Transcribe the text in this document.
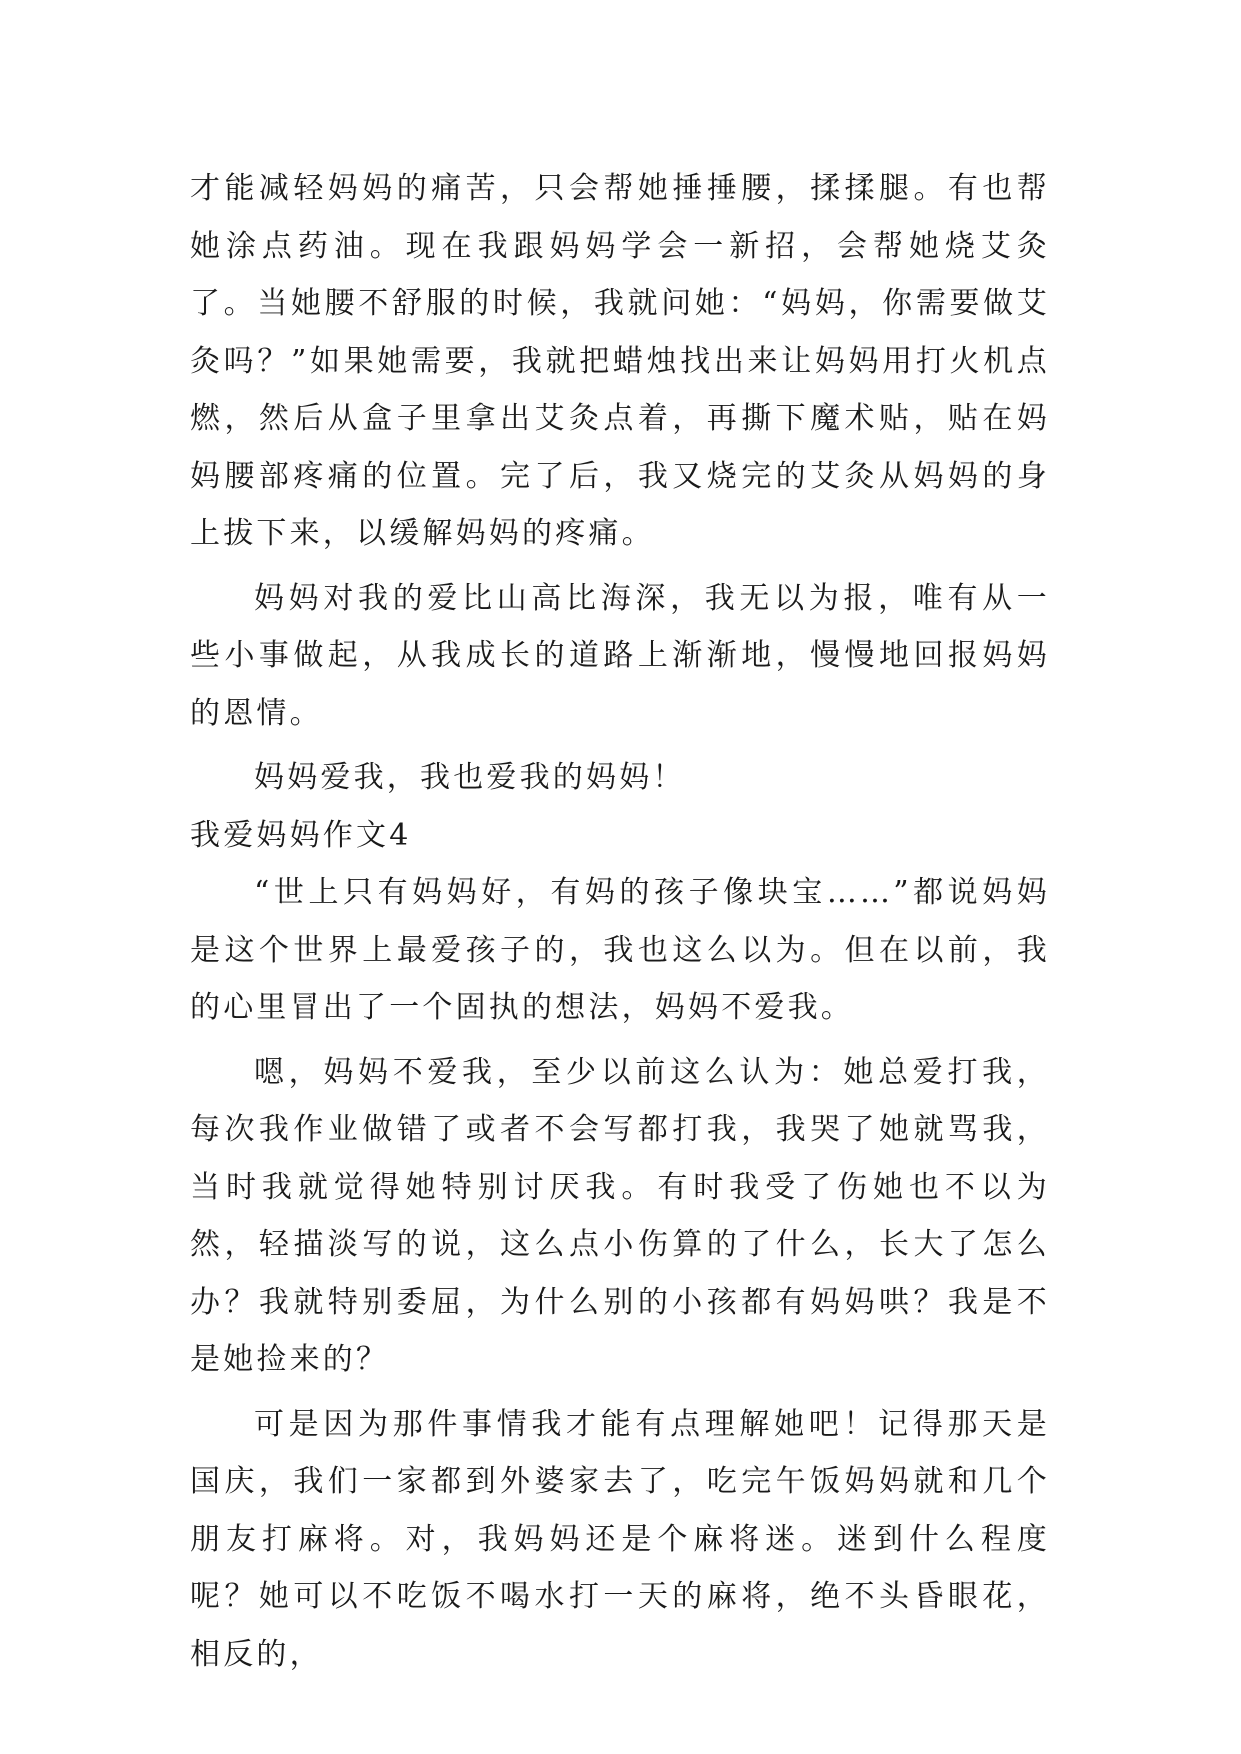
才能减轻妈妈的痛苦，只会帮她捶捶腰，揉揉腿。有也帮她涂点药油。现在我跟妈妈学会一新招，会帮她烧艾灸了。当她腰不舒服的时候，我就问她：“妈妈，你需要做艾灸吗？”如果她需要，我就把蜡烛找出来让妈妈用打火机点燃，然后从盒子里拿出艾灸点着，再撕下魔术贴，贴在妈妈腰部疼痛的位置。完了后，我又烧完的艾灸从妈妈的身上拔下来，以缓解妈妈的疼痛。

妈妈对我的爱比山高比海深，我无以为报，唯有从一些小事做起，从我成长的道路上渐渐地，慢慢地回报妈妈的恩情。

妈妈爱我，我也爱我的妈妈！

我爱妈妈作文4

“世上只有妈妈好，有妈的孩子像块宝……”都说妈妈是这个世界上最爱孩子的，我也这么以为。但在以前，我的心里冒出了一个固执的想法，妈妈不爱我。

嗯，妈妈不爱我，至少以前这么认为：她总爱打我，每次我作业做错了或者不会写都打我，我哭了她就骂我，当时我就觉得她特别讨厌我。有时我受了伤她也不以为然，轻描淡写的说，这么点小伤算的了什么，长大了怎么办？我就特别委屈，为什么别的小孩都有妈妈哄？我是不是她捡来的？

可是因为那件事情我才能有点理解她吧！记得那天是国庆，我们一家都到外婆家去了，吃完午饭妈妈就和几个朋友打麻将。对，我妈妈还是个麻将迷。迷到什么程度呢？她可以不吃饭不喝水打一天的麻将，绝不头昏眼花，相反的，
